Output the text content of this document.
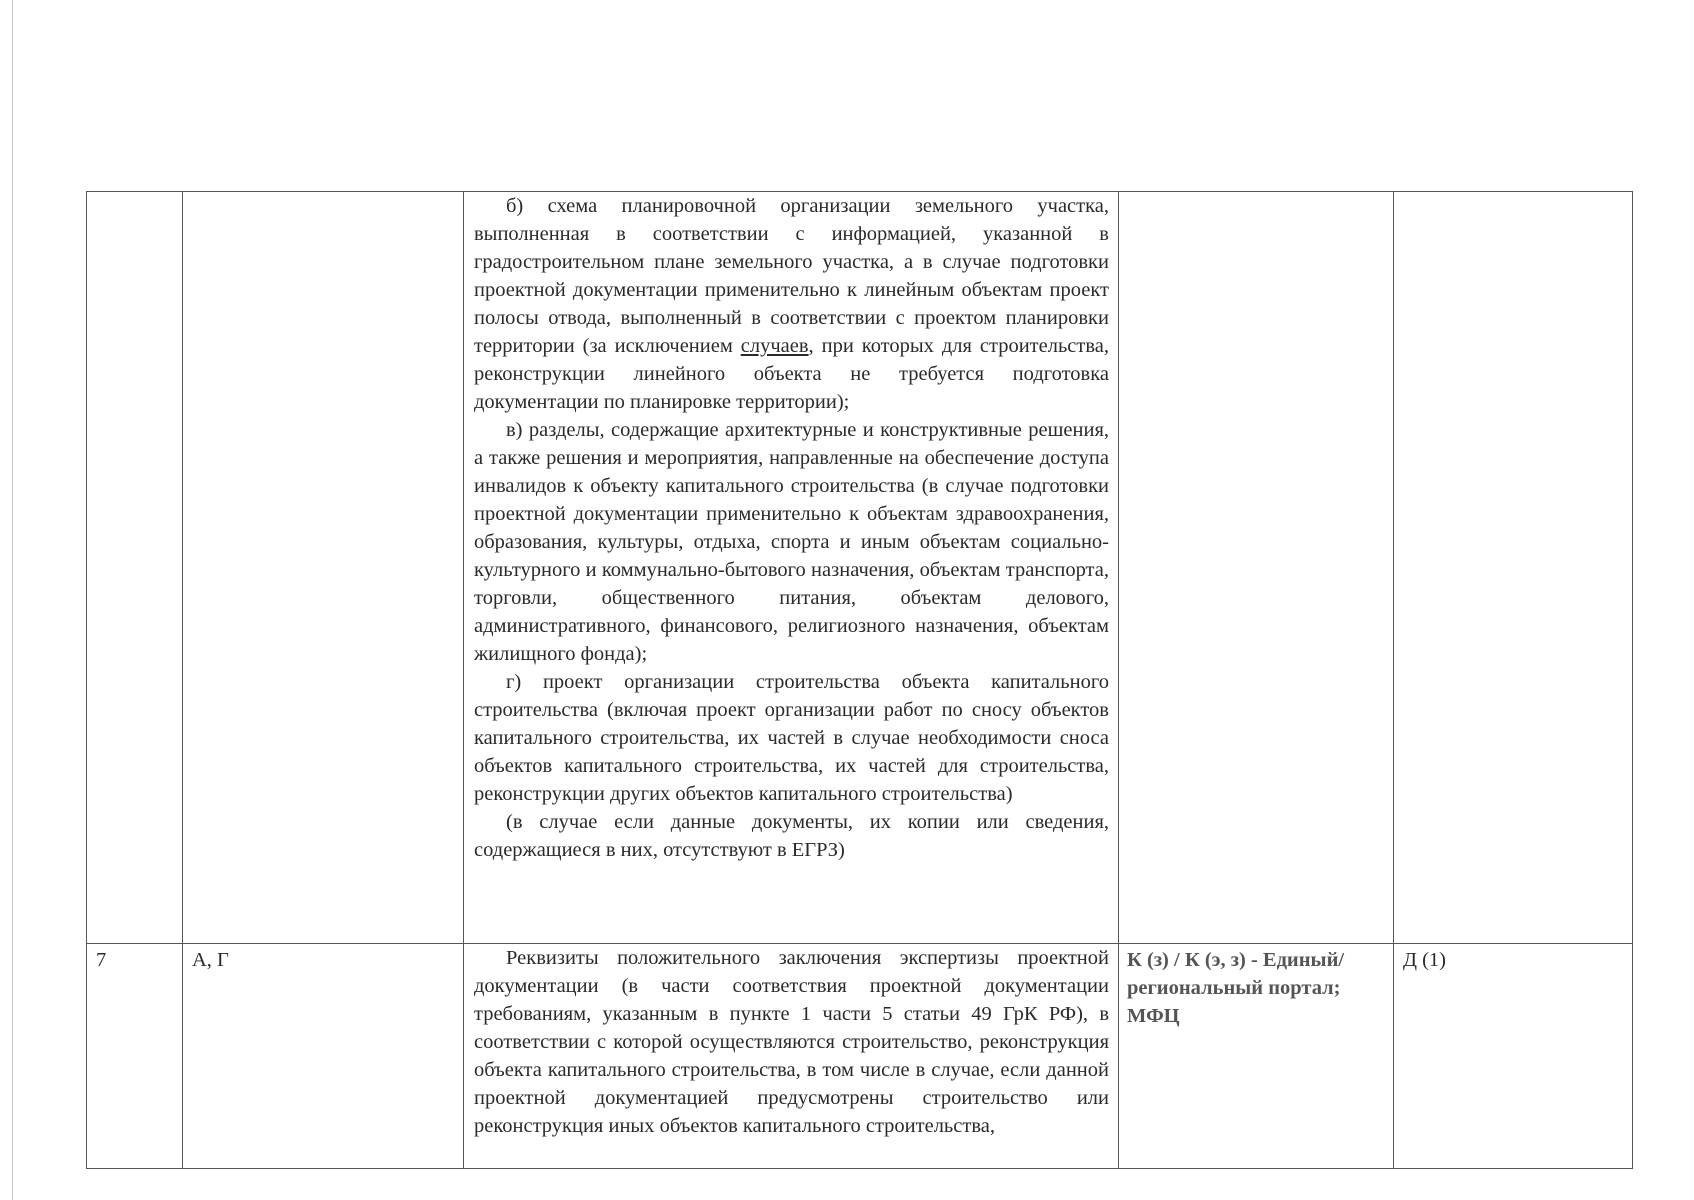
		б) схема планировочной организации земельного участка, выполненная в соответствии с информацией, указанной в градостроительном плане земельного участка, а в случае подготовки проектной документации применительно к линейным объектам проект полосы отвода, выполненный в соответствии с проектом планировки территории (за исключением случаев, при которых для строительства, реконструкции линейного объекта не требуется подготовка документации по планировке территории);

в) разделы, содержащие архитектурные и конструктивные решения, а также решения и мероприятия, направленные на обеспечение доступа инвалидов к объекту капитального строительства (в случае подготовки проектной документации применительно к объектам здравоохранения, образования, культуры, отдыха, спорта и иным объектам социально-культурного и коммунально-бытового назначения, объектам транспорта, торговли, общественного питания, объектам делового, административного, финансового, религиозного назначения, объектам жилищного фонда);

г) проект организации строительства объекта капитального строительства (включая проект организации работ по сносу объектов капитального строительства, их частей в случае необходимости сноса объектов капитального строительства, их частей для строительства, реконструкции других объектов капитального строительства)

(в случае если данные документы, их копии или сведения, содержащиеся в них, отсутствуют в ЕГРЗ)		

7	А, Г	Реквизиты положительного заключения экспертизы проектной документации (в части соответствия проектной документации требованиям, указанным в пункте 1 части 5 статьи 49 ГрК РФ), в соответствии с которой осуществляются строительство, реконструкция объекта капитального строительства, в том числе в случае, если данной проектной документацией предусмотрены строительство или реконструкция иных объектов капитального строительства,	К (з) / К (э, з) - Единый/региональный портал; МФЦ	Д (1)
